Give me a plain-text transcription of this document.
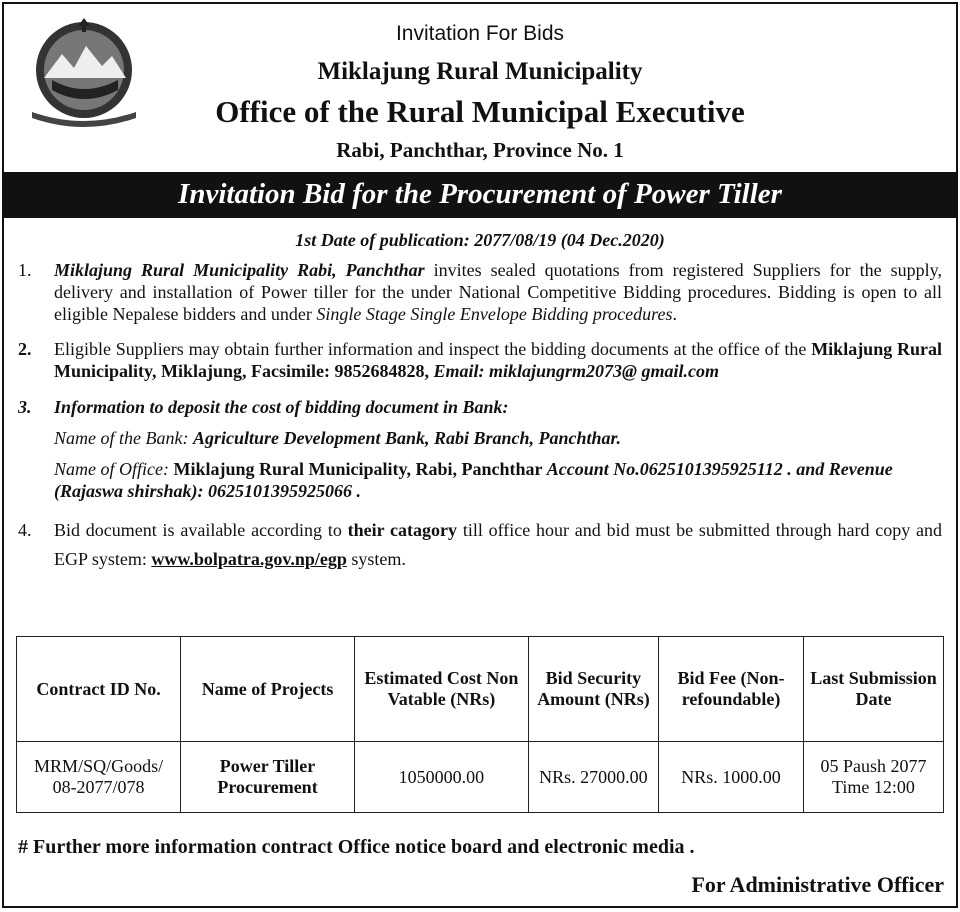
Invitation For Bids
Miklajung Rural Municipality
Office of the Rural Municipal Executive
Rabi, Panchthar, Province No. 1
Invitation Bid for the Procurement of Power Tiller
1st Date of publication: 2077/08/19 (04 Dec.2020)
1. Miklajung Rural Municipality Rabi, Panchthar invites sealed quotations from registered Suppliers for the supply, delivery and installation of Power tiller for the under National Competitive Bidding procedures. Bidding is open to all eligible Nepalese bidders and under Single Stage Single Envelope Bidding procedures.
2. Eligible Suppliers may obtain further information and inspect the bidding documents at the office of the Miklajung Rural Municipality, Miklajung, Facsimile: 9852684828, Email: miklajungrm2073@ gmail.com
3. Information to deposit the cost of bidding document in Bank:
Name of the Bank: Agriculture Development Bank, Rabi Branch, Panchthar.
Name of Office: Miklajung Rural Municipality, Rabi, Panchthar Account No.0625101395925112 . and Revenue (Rajaswa shirshak): 0625101395925066 .
4. Bid document is available according to their catagory till office hour and bid must be submitted through hard copy and EGP system: www.bolpatra.gov.np/egp system.
Contract ID No.	Name of Projects	Estimated Cost Non Vatable (NRs)	Bid Security Amount (NRs)	Bid Fee (Non-refoundable)	Last Submission Date
MRM/SQ/Goods/ 08-2077/078	Power Tiller Procurement	1050000.00	NRs. 27000.00	NRs. 1000.00	05 Paush 2077 Time 12:00
# Further more information contract Office notice board and electronic media .
For Administrative Officer
